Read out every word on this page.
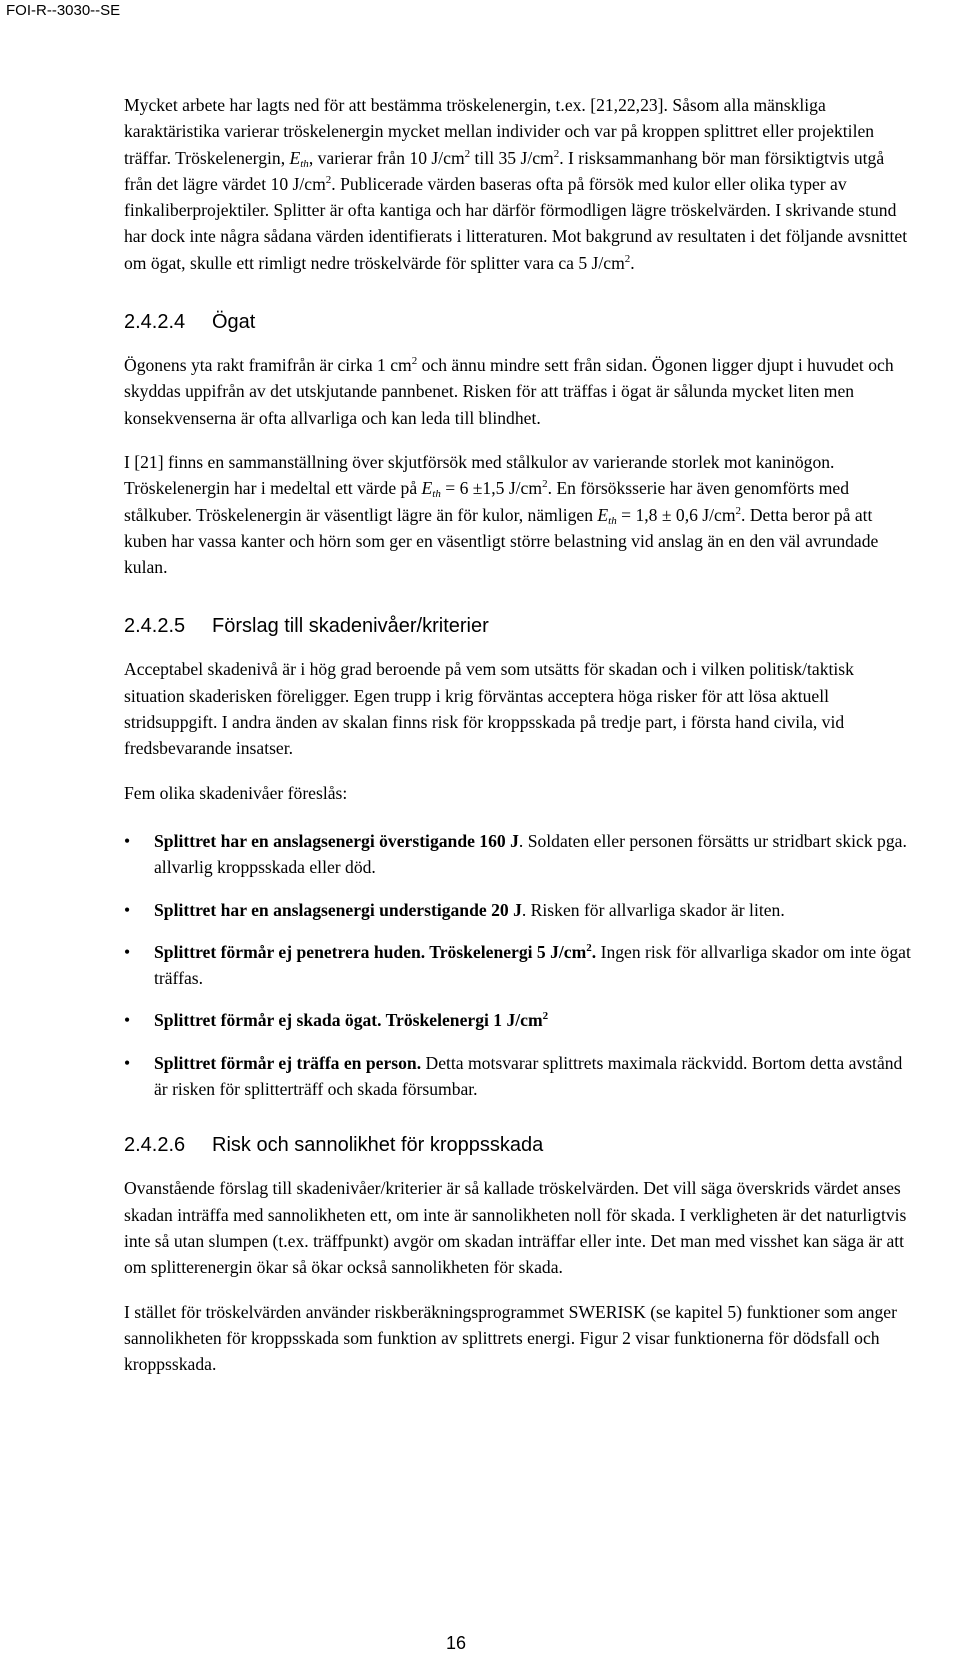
FOI-R--3030--SE

Mycket arbete har lagts ned för att bestämma tröskelenergin, t.ex. [21,22,23]. Såsom alla mänskliga karaktäristika varierar tröskelenergin mycket mellan individer och var på kroppen splittret eller projektilen träffar. Tröskelenergin, $E_{th}$, varierar från 10 $J/cm^2$ till 35 $J/cm^2$. I risksammanhang bör man försiktigtvis utgå från det lägre värdet 10 $J/cm^2$. Publicerade värden baseras ofta på försök med kulor eller olika typer av finkaliberprojektiler. Splitter är ofta kantiga och har därför förmodligen lägre tröskelvärden. I skrivande stund har dock inte några sådana värden identifierats i litteraturen. Mot bakgrund av resultaten i det följande avsnittet om ögat, skulle ett rimligt nedre tröskelvärde för splitter vara ca 5 $J/cm^2$.

2.4.2.4 Ögat

Ögonens yta rakt framifrån är cirka 1 $cm^2$ och ännu mindre sett från sidan. Ögonen ligger djupt i huvudet och skyddas uppifrån av det utskjutande pannbenet. Risken för att träffas i ögat är sålunda mycket liten men konsekvenserna är ofta allvarliga och kan leda till blindhet.

I [21] finns en sammanställning över skjutförsök med stålkulor av varierande storlek mot kaninögon. Tröskelenergin har i medeltal ett värde på $E_{th} = 6 \pm 1,5$ $J/cm^2$. En försöksserie har även genomförts med stålkuber. Tröskelenergin är väsentligt lägre än för kulor, nämligen $E_{th} = 1,8 \pm 0,6$ $J/cm^2$. Detta beror på att kuben har vassa kanter och hörn som ger en väsentligt större belastning vid anslag än en den väl avrundade kulan.

2.4.2.5 Förslag till skadenivåer/kriterier

Acceptabel skadenivå är i hög grad beroende på vem som utsätts för skadan och i vilken politisk/taktisk situation skaderisken föreligger. Egen trupp i krig förväntas acceptera höga risker för att lösa aktuell stridsuppgift. I andra änden av skalan finns risk för kroppsskada på tredje part, i första hand civila, vid fredsbevarande insatser.

Fem olika skadenivåer föreslås:

• Splittret har en anslagsenergi överstigande 160 J. Soldaten eller personen försätts ur stridbart skick pga. allvarlig kroppsskada eller död.
• Splittret har en anslagsenergi understigande 20 J. Risken för allvarliga skador är liten.
• Splittret förmår ej penetrera huden. Tröskelenergi 5 $J/cm^2$. Ingen risk för allvarliga skador om inte ögat träffas.
• Splittret förmår ej skada ögat. Tröskelenergi 1 $J/cm^2$
• Splittret förmår ej träffa en person. Detta motsvarar splittrets maximala räckvidd. Bortom detta avstånd är risken för splitterträff och skada försumbar.
2.4.2.6 Risk och sannolikhet för kroppsskada

Ovanstående förslag till skadenivåer/kriterier är så kallade tröskelvärden. Det vill säga överskrids värdet anses skadan inträffa med sannolikheten ett, om inte är sannolikheten noll för skada. I verkligheten är det naturligtvis inte så utan slumpen (t.ex. träffpunkt) avgör om skadan inträffar eller inte. Det man med visshet kan säga är att om splitterenergin ökar så ökar också sannolikheten för skada.

I stället för tröskelvärden använder riskberäkningsprogrammet SWERISK (se kapitel 5) funktioner som anger sannolikheten för kroppsskada som funktion av splittrets energi. Figur 2 visar funktionerna för dödsfall och kroppsskada.

16
